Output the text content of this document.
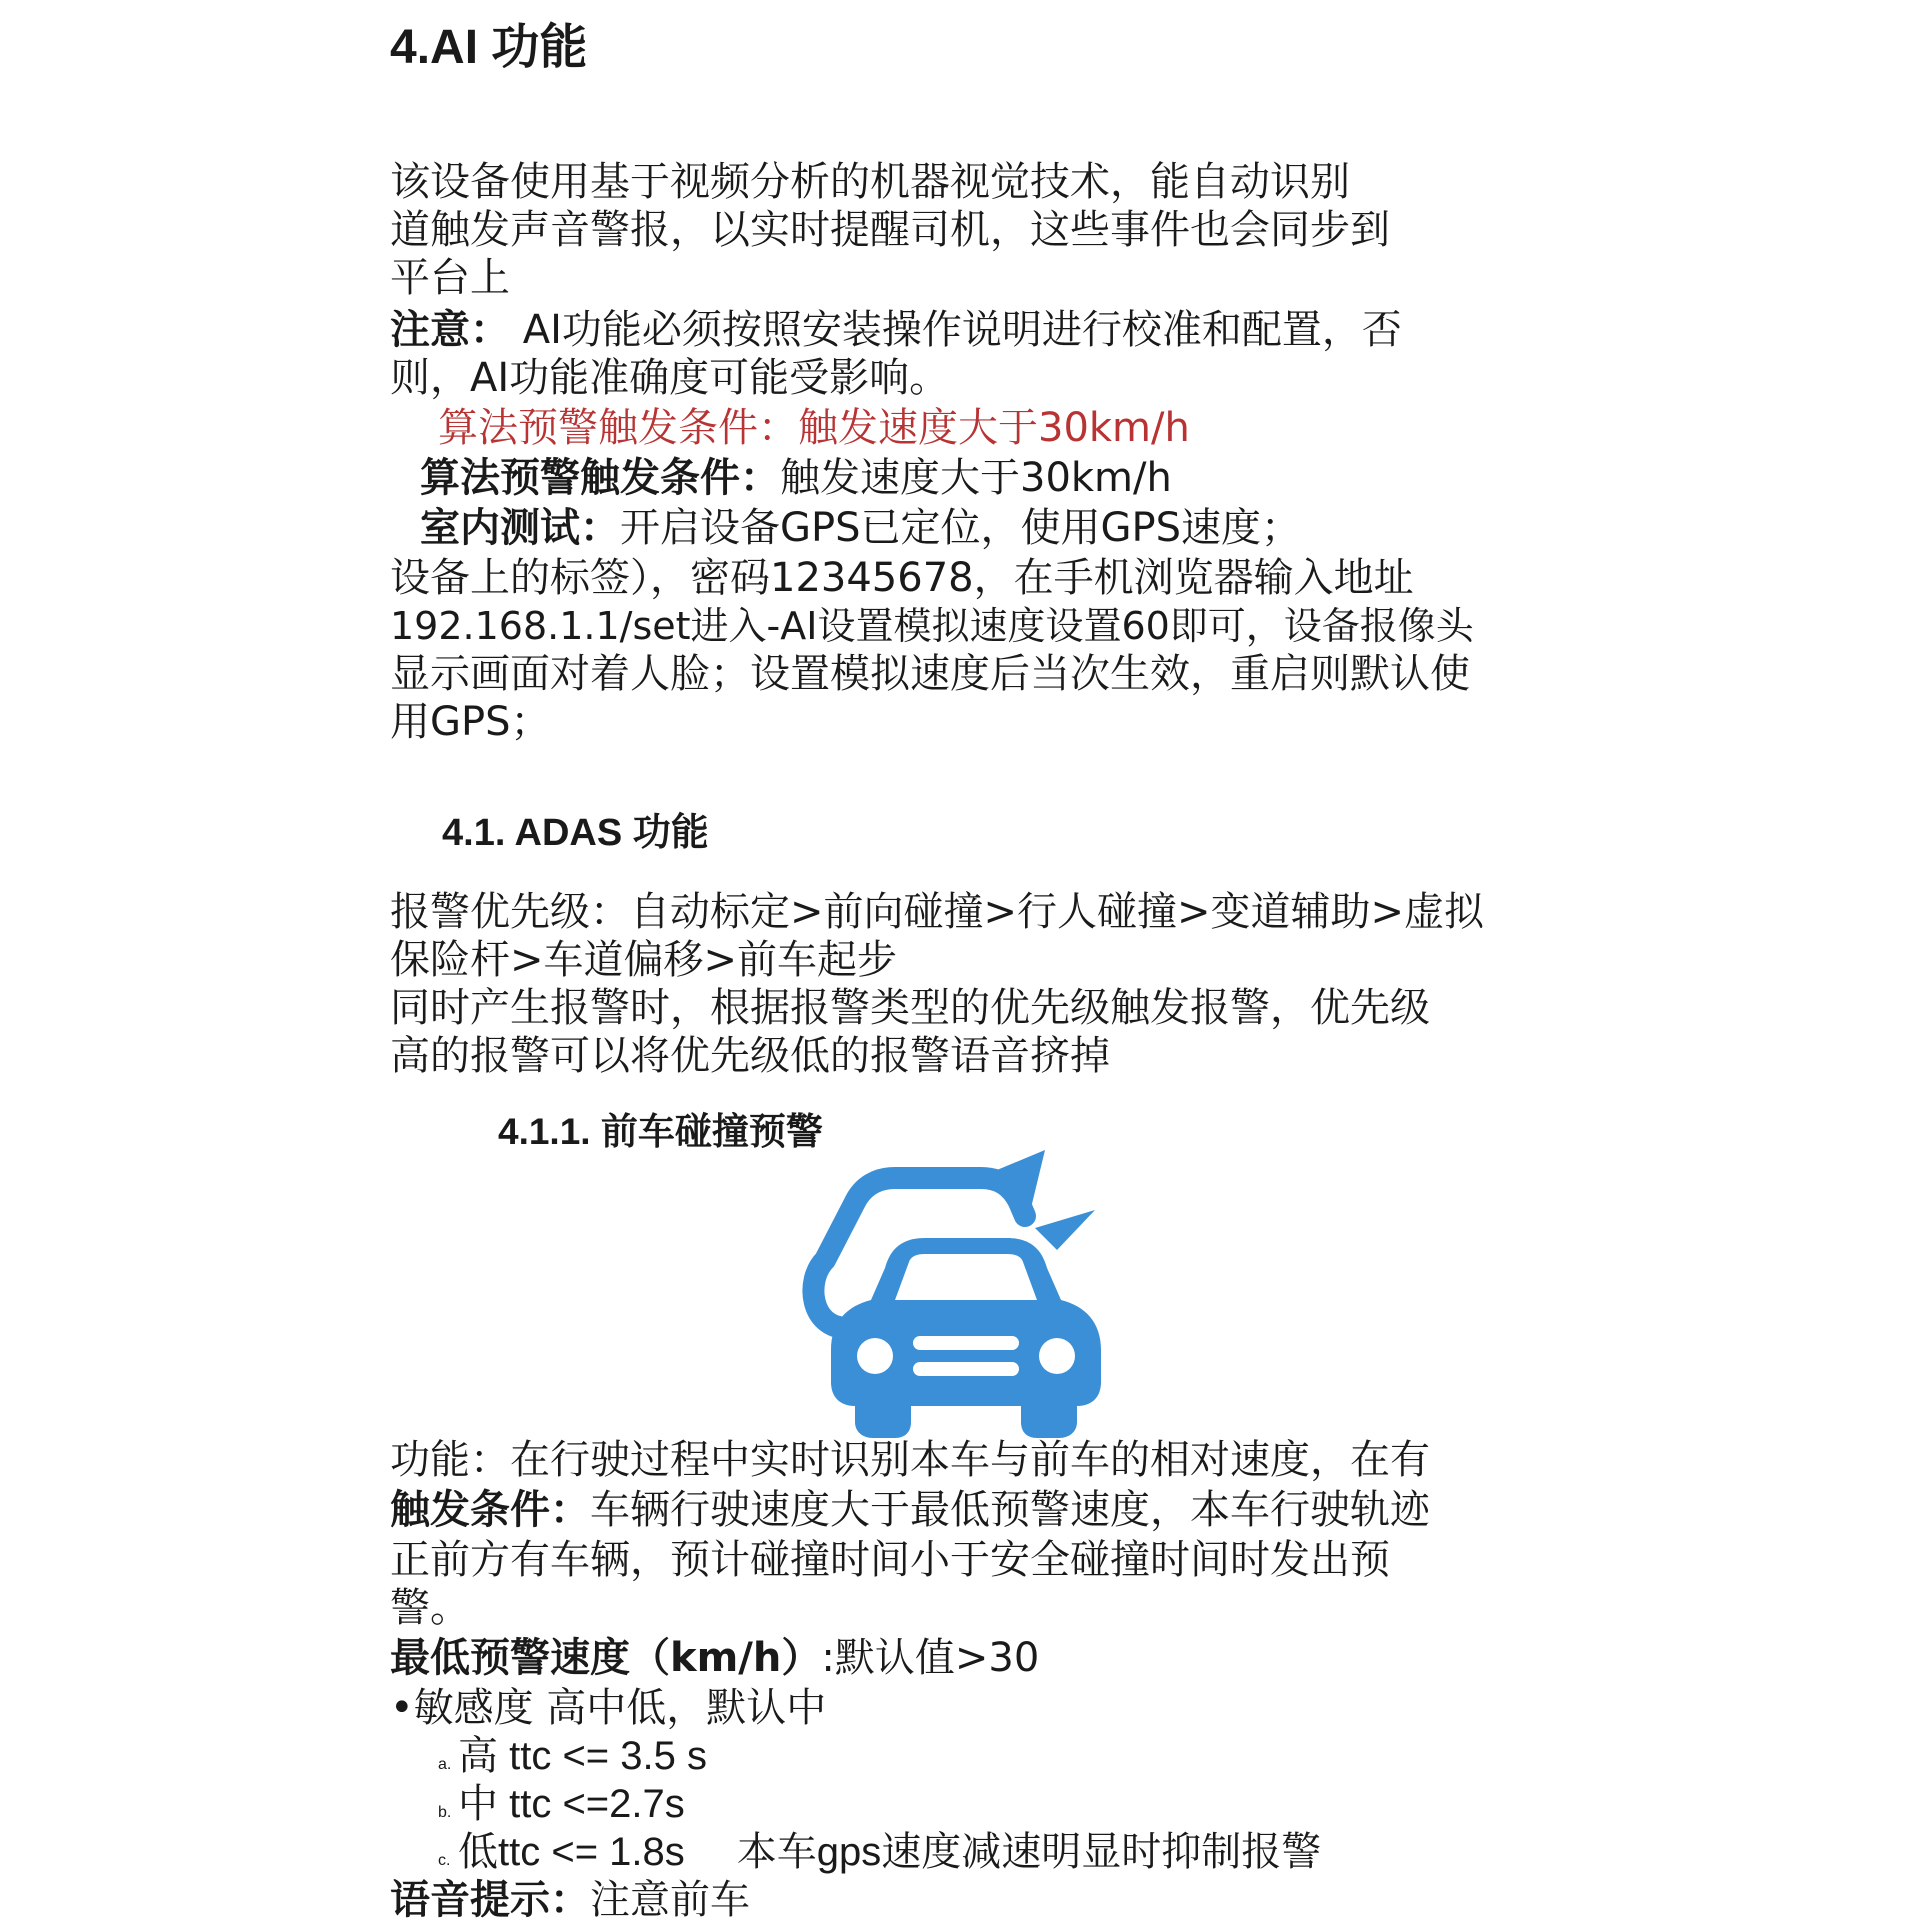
4.AI 功能
该设备使用基于视频分析的机器视觉技术，能自动识别
道触发声音警报，以实时提醒司机，这些事件也会同步到
平台上
注意： AI功能必须按照安装操作说明进行校准和配置，否
则，AI功能准确度可能受影响。
算法预警触发条件：触发速度大于30km/h
算法预警触发条件：触发速度大于30km/h
室内测试：开启设备GPS已定位，使用GPS速度；
设备上的标签），密码12345678，在手机浏览器输入地址
192.168.1.1/set进入-AI设置模拟速度设置60即可，设备报像头
显示画面对着人脸；设置模拟速度后当次生效，重启则默认使
用GPS；
4.1. ADAS 功能
报警优先级：自动标定>前向碰撞>行人碰撞>变道辅助>虚拟
保险杆>车道偏移>前车起步
同时产生报警时，根据报警类型的优先级触发报警，优先级
高的报警可以将优先级低的报警语音挤掉
4.1.1. 前车碰撞预警
功能：在行驶过程中实时识别本车与前车的相对速度，在有
触发条件：车辆行驶速度大于最低预警速度，本车行驶轨迹
正前方有车辆，预计碰撞时间小于安全碰撞时间时发出预
警。
最低预警速度（km/h）:默认值>30
•敏感度 高中低，默认中
a. 高 ttc <= 3.5 s
b. 中 ttc <=2.7s
c. 低ttc <= 1.8s 本车gps速度减速明显时抑制报警
语音提示：注意前车
